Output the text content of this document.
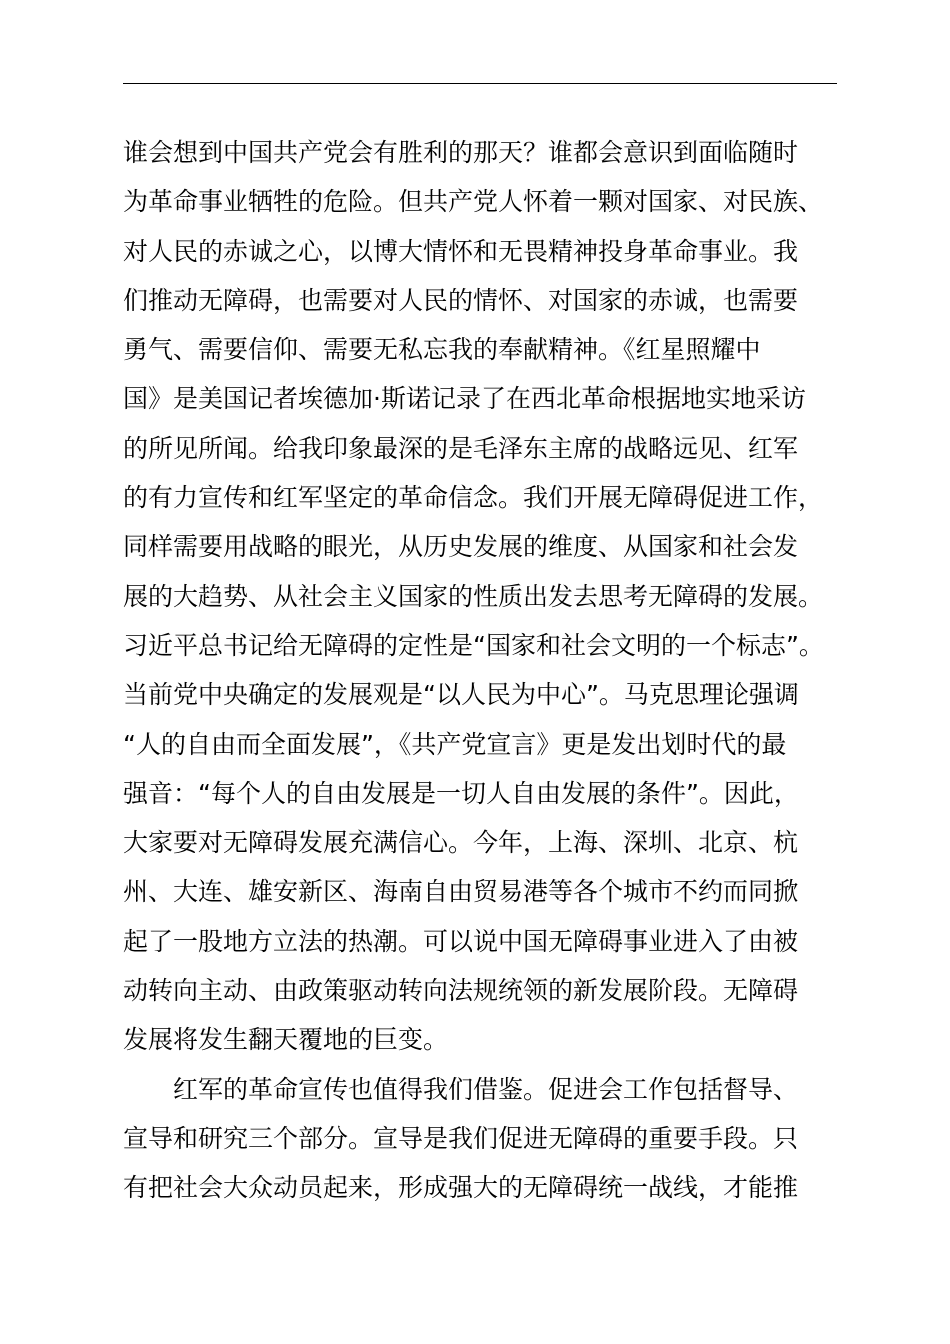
谁会想到中国共产党会有胜利的那天？谁都会意识到面临随时
为革命事业牺牲的危险。但共产党人怀着一颗对国家、对民族、
对人民的赤诚之心，以博大情怀和无畏精神投身革命事业。我
们推动无障碍，也需要对人民的情怀、对国家的赤诚，也需要
勇气、需要信仰、需要无私忘我的奉献精神。《红星照耀中
国》是美国记者埃德加·斯诺记录了在西北革命根据地实地采访
的所见所闻。给我印象最深的是毛泽东主席的战略远见、红军
的有力宣传和红军坚定的革命信念。我们开展无障碍促进工作，
同样需要用战略的眼光，从历史发展的维度、从国家和社会发
展的大趋势、从社会主义国家的性质出发去思考无障碍的发展。
习近平总书记给无障碍的定性是“国家和社会文明的一个标志”。
当前党中央确定的发展观是“以人民为中心”。马克思理论强调
“人的自由而全面发展”，《共产党宣言》更是发出划时代的最
强音：“每个人的自由发展是一切人自由发展的条件”。因此，
大家要对无障碍发展充满信心。今年，上海、深圳、北京、杭
州、大连、雄安新区、海南自由贸易港等各个城市不约而同掀
起了一股地方立法的热潮。可以说中国无障碍事业进入了由被
动转向主动、由政策驱动转向法规统领的新发展阶段。无障碍
发展将发生翻天覆地的巨变。
红军的革命宣传也值得我们借鉴。促进会工作包括督导、
宣导和研究三个部分。宣导是我们促进无障碍的重要手段。只
有把社会大众动员起来，形成强大的无障碍统一战线，才能推
